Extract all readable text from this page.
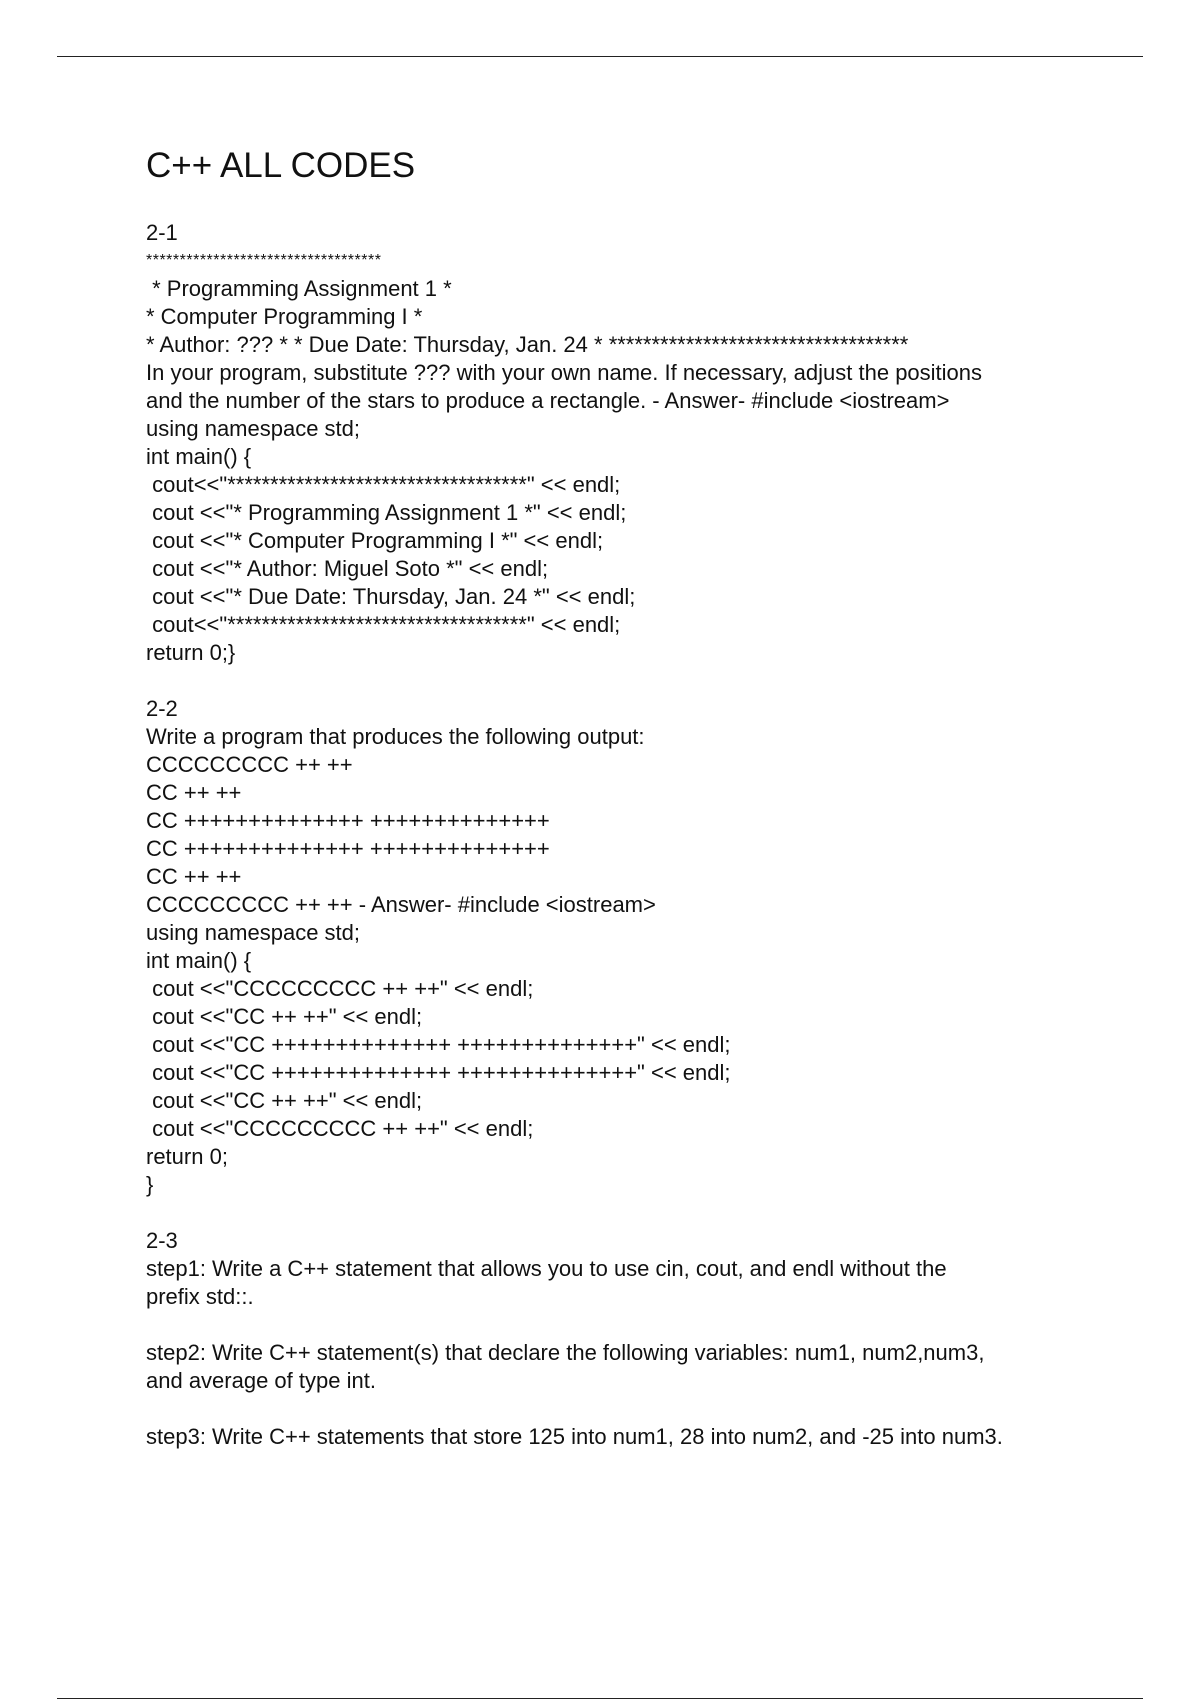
C++ ALL CODES
2-1
***********************************
* Programming Assignment 1 *
* Computer Programming I *
* Author: ??? * * Due Date: Thursday, Jan. 24 * ***********************************
In your program, substitute ??? with your own name. If necessary, adjust the positions
and the number of the stars to produce a rectangle. - Answer- #include <iostream>
using namespace std;
int main() {
cout<<"***********************************" << endl;
cout <<"* Programming Assignment 1 *" << endl;
cout <<"* Computer Programming I *" << endl;
cout <<"* Author: Miguel Soto *" << endl;
cout <<"* Due Date: Thursday, Jan. 24 *" << endl;
cout<<"***********************************" << endl;
return 0;}
2-2
Write a program that produces the following output:
CCCCCCCCC ++ ++
CC ++ ++
CC ++++++++++++++ ++++++++++++++
CC ++++++++++++++ ++++++++++++++
CC ++ ++
CCCCCCCCC ++ ++ - Answer- #include <iostream>
using namespace std;
int main() {
cout <<"CCCCCCCCC ++ ++" << endl;
cout <<"CC ++ ++" << endl;
cout <<"CC ++++++++++++++ ++++++++++++++" << endl;
cout <<"CC ++++++++++++++ ++++++++++++++" << endl;
cout <<"CC ++ ++" << endl;
cout <<"CCCCCCCCC ++ ++" << endl;
return 0;
}
2-3
step1: Write a C++ statement that allows you to use cin, cout, and endl without the
prefix std::.
step2: Write C++ statement(s) that declare the following variables: num1, num2,num3,
and average of type int.
step3: Write C++ statements that store 125 into num1, 28 into num2, and -25 into num3.
